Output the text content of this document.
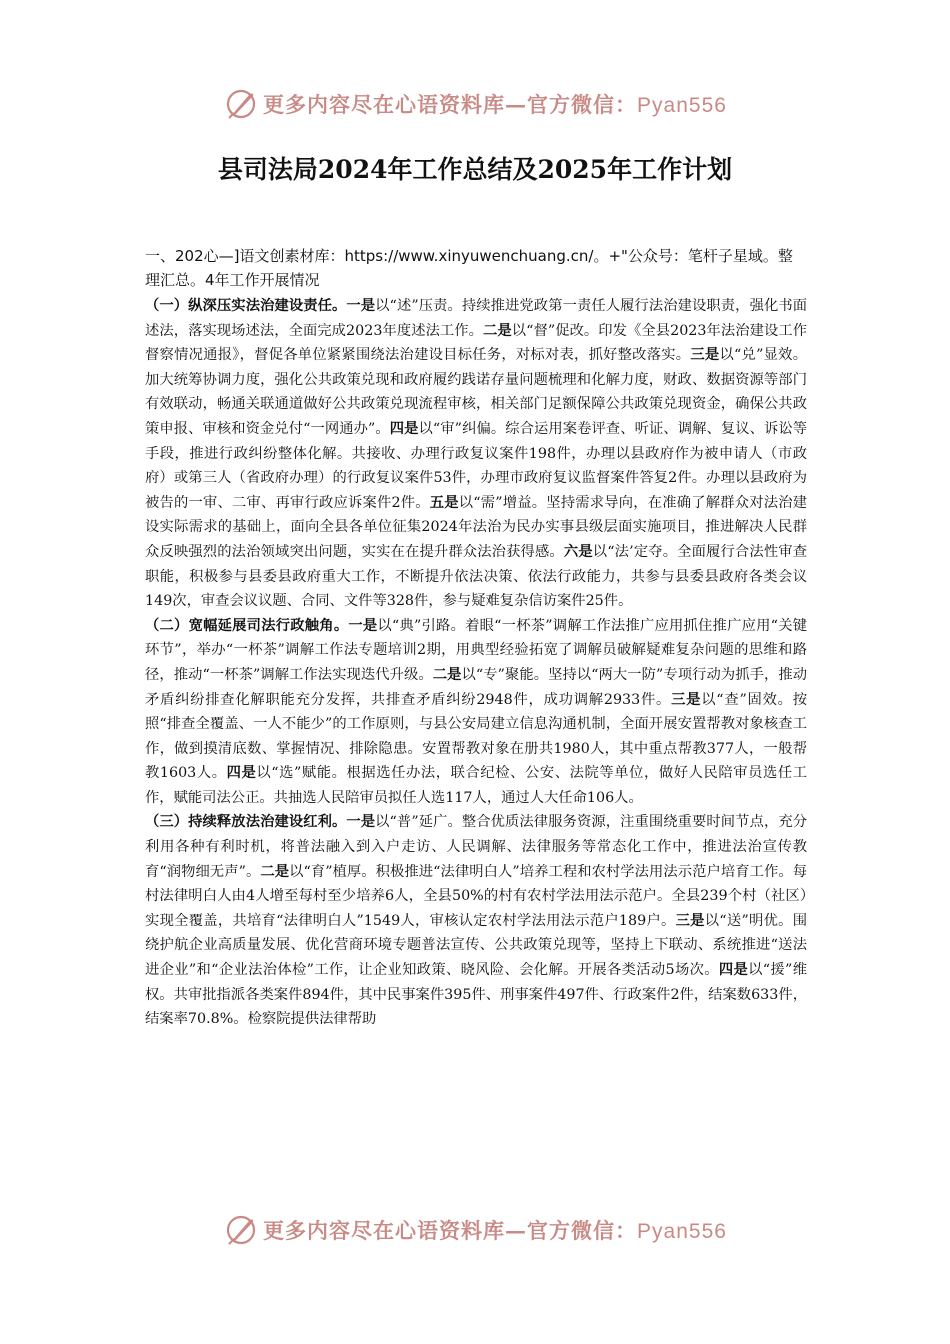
更多内容尽在心语资料库—官方微信：Pyan556
县司法局2024年工作总结及2025年工作计划

一、202心—]语文创素材库：https://www.xinyuwenchuang.cn/。+"公众号：笔杆子星域。整理汇总。4年工作开展情况

（一）纵深压实法治建设责任。一是以“述”压责。持续推进党政第一责任人履行法治建设职责，强化书面述法，落实现场述法，全面完成2023年度述法工作。二是以“督”促改。印发《全县2023年法治建设工作督察情况通报》，督促各单位紧紧围绕法治建设目标任务，对标对表，抓好整改落实。三是以“兑”显效。加大统筹协调力度，强化公共政策兑现和政府履约践诺存量问题梳理和化解力度，财政、数据资源等部门有效联动，畅通关联通道做好公共政策兑现流程审核，相关部门足额保障公共政策兑现资金，确保公共政策申报、审核和资金兑付“一网通办”。四是以“审”纠偏。综合运用案卷评查、听证、调解、复议、诉讼等手段，推进行政纠纷整体化解。共接收、办理行政复议案件198件，办理以县政府作为被申请人（市政府）或第三人（省政府办理）的行政复议案件53件，办理市政府复议监督案件答复2件。办理以县政府为被告的一审、二审、再审行政应诉案件2件。五是以“需”增益。坚持需求导向，在准确了解群众对法治建设实际需求的基础上，面向全县各单位征集2024年法治为民办实事县级层面实施项目，推进解决人民群众反映强烈的法治领域突出问题，实实在在提升群众法治获得感。六是以“法’定夺。全面履行合法性审查职能，积极参与县委县政府重大工作，不断提升依法决策、依法行政能力，共参与县委县政府各类会议149次，审查会议议题、合同、文件等328件，参与疑难复杂信访案件25件。

（二）宽幅延展司法行政触角。一是以“典”引路。着眼“一杯茶”调解工作法推广应用抓住推广应用“关键环节”，举办“一杯茶”调解工作法专题培训2期，用典型经验拓宽了调解员破解疑难复杂问题的思维和路径，推动“一杯茶”调解工作法实现迭代升级。二是以“专”聚能。坚持以“两大一防”专项行动为抓手，推动矛盾纠纷排查化解职能充分发挥，共排查矛盾纠纷2948件，成功调解2933件。三是以“查”固效。按照“排查全覆盖、一人不能少”的工作原则，与县公安局建立信息沟通机制，全面开展安置帮教对象核查工作，做到摸清底数、掌握情况、排除隐患。安置帮教对象在册共1980人，其中重点帮教377人，一般帮教1603人。四是以“选”赋能。根据选任办法，联合纪检、公安、法院等单位，做好人民陪审员选任工作，赋能司法公正。共抽选人民陪审员拟任人选117人，通过人大任命106人。

（三）持续释放法治建设红利。一是以“普”延广。整合优质法律服务资源，注重围绕重要时间节点，充分利用各种有利时机，将普法融入到入户走访、人民调解、法律服务等常态化工作中，推进法治宣传教育“润物细无声”。二是以“育”植厚。积极推进“法律明白人”培养工程和农村学法用法示范户培育工作。每村法律明白人由4人增至每村至少培养6人，全县50%的村有农村学法用法示范户。全县239个村（社区）实现全覆盖，共培育“法律明白人”1549人，审核认定农村学法用法示范户189户。三是以“送”明优。围绕护航企业高质量发展、优化营商环境专题普法宣传、公共政策兑现等，坚持上下联动、系统推进“送法进企业”和“企业法治体检”工作，让企业知政策、晓风险、会化解。开展各类活动5场次。四是以“援”维权。共审批指派各类案件894件，其中民事案件395件、刑事案件497件、行政案件2件，结案数633件，结案率70.8%。检察院提供法律帮助

更多内容尽在心语资料库—官方微信：Pyan556
